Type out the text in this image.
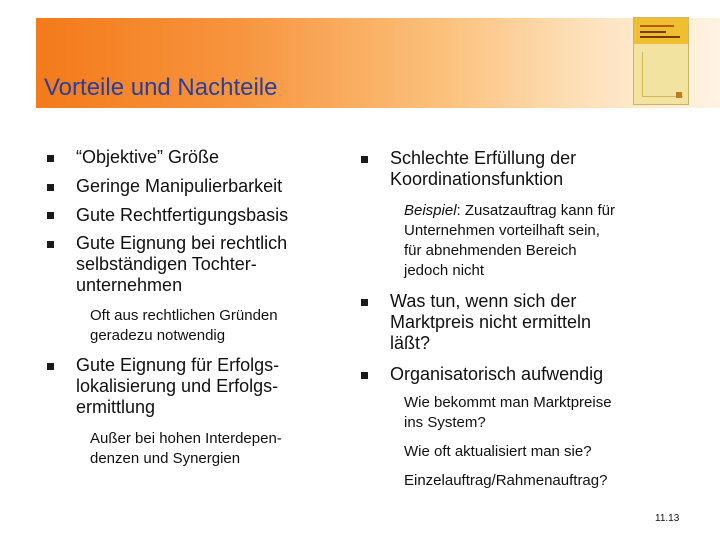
Vorteile und Nachteile
“Objektive” Größe
Geringe Manipulierbarkeit
Gute Rechtfertigungsbasis
Gute Eignung bei rechtlich
selbständigen Tochter-
unternehmen
Oft aus rechtlichen Gründen
geradezu notwendig
Gute Eignung für Erfolgs-
lokalisierung und Erfolgs-
ermittlung
Außer bei hohen Interdepen-
denzen und Synergien
Schlechte Erfüllung der
Koordinationsfunktion
Beispiel: Zusatzauftrag kann für
Unternehmen vorteilhaft sein,
für abnehmenden Bereich
jedoch nicht
Was tun, wenn sich der
Marktpreis nicht ermitteln
läßt?
Organisatorisch aufwendig
Wie bekommt man Marktpreise
ins System?
Wie oft aktualisiert man sie?
Einzelauftrag/Rahmenauftrag?
11.13
